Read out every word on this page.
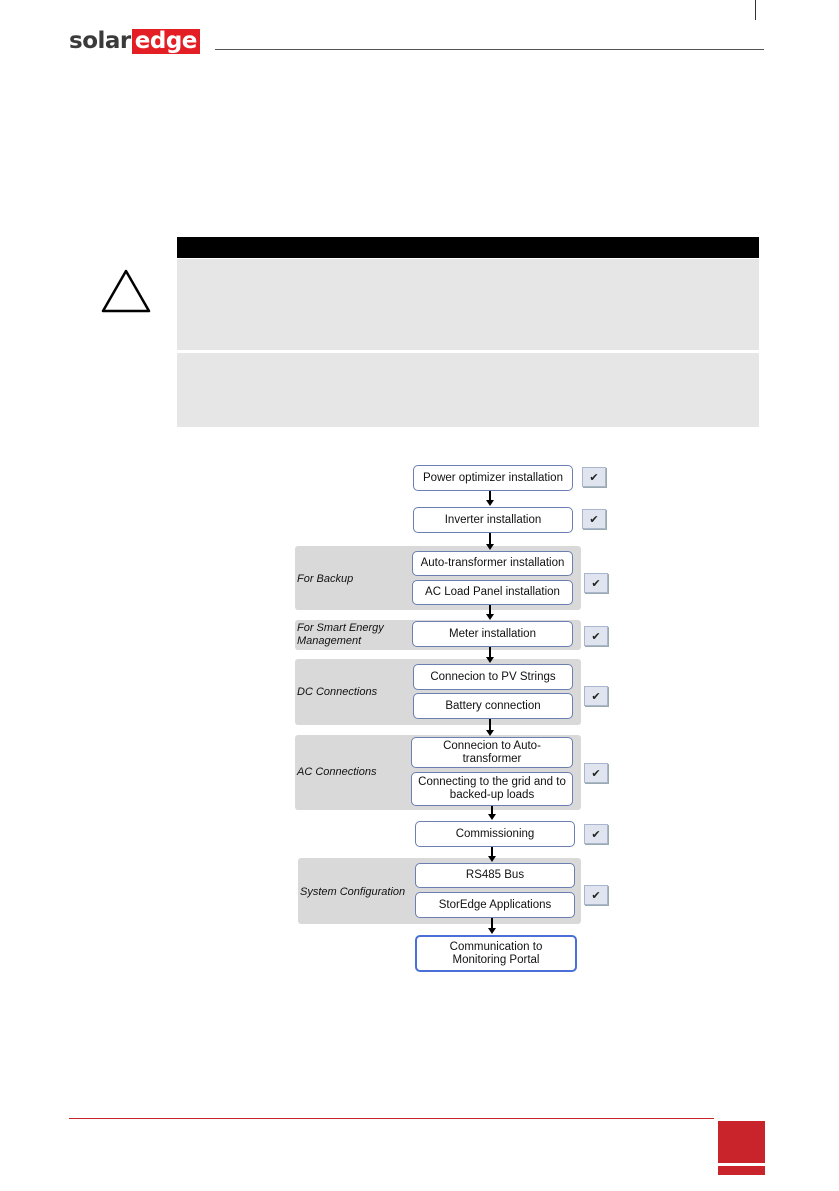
solar edge
For Backup
For Smart Energy Management
DC Connections
AC Connections
System Configuration
Power optimizer installation
Inverter installation
Auto-transformer installation
AC Load Panel installation
Meter installation
Connecion to PV Strings
Battery connection
Connecion to Auto-transformer
Connecting to the grid and to backed-up loads
Commissioning
RS485 Bus
StorEdge Applications
Communication to Monitoring Portal
✔
✔
✔
✔
✔
✔
✔
✔
